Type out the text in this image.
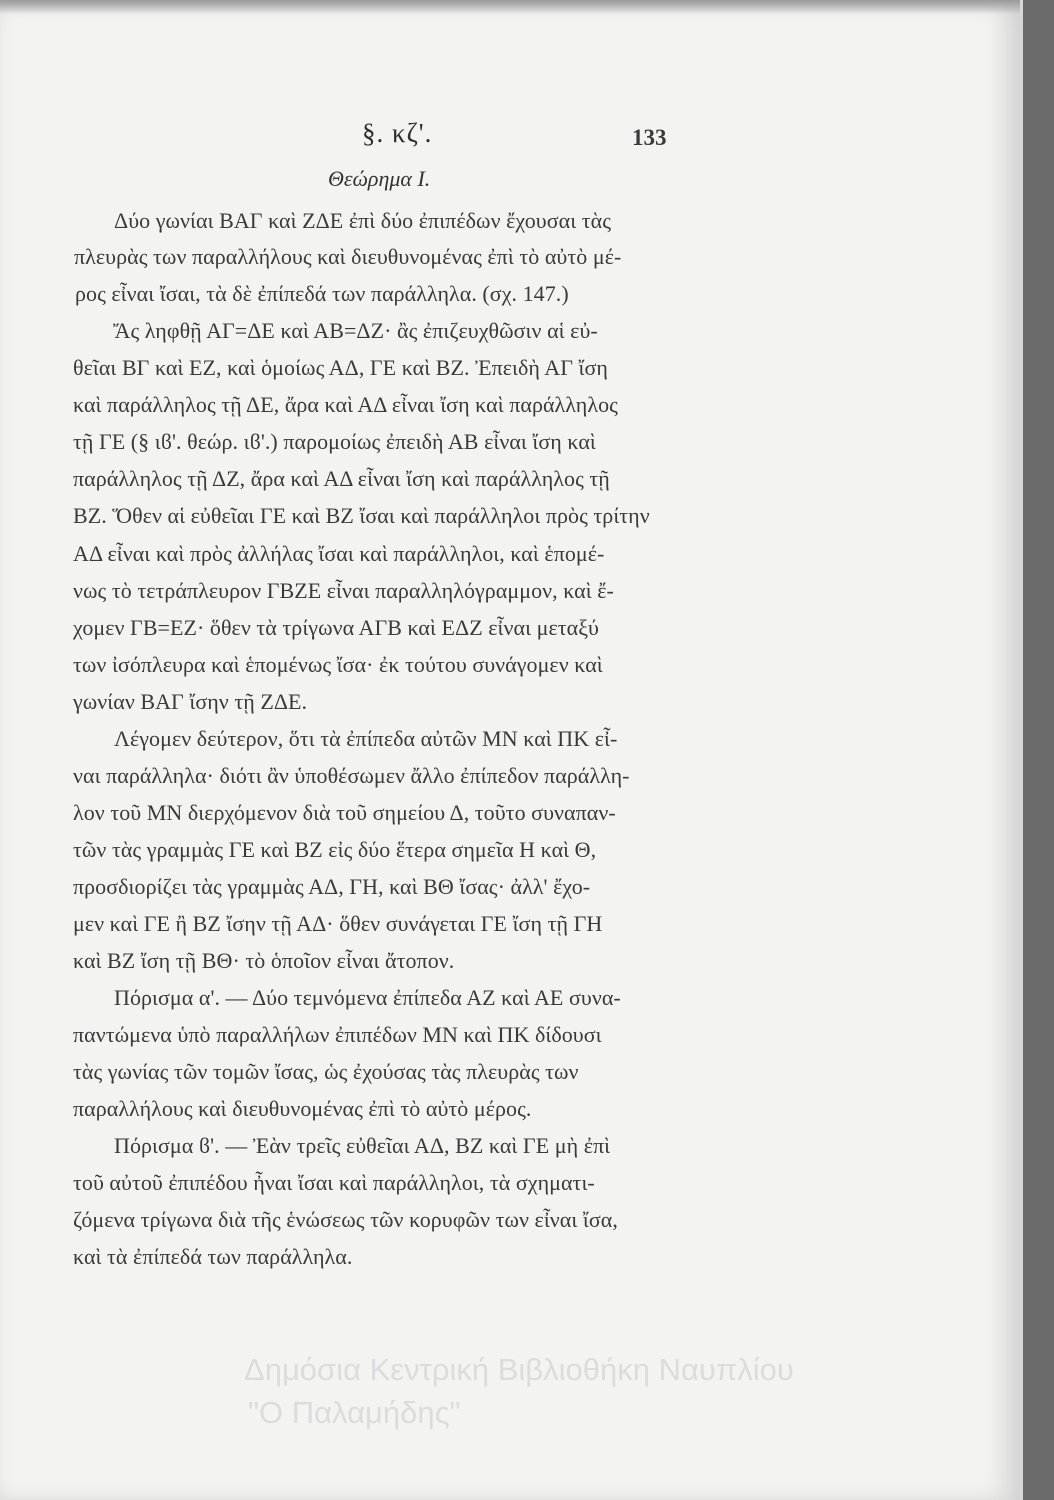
§. κζ'.	133
Θεώρημα Ι.
Δύο γωνίαι ΒΑΓ καὶ ΖΔΕ ἐπὶ δύο ἐπιπέδων ἔχουσαι τὰς
πλευρὰς των παραλλήλους καὶ διευθυνομένας ἐπὶ τὸ αὐτὸ μέ-
ρος εἶναι ἴσαι, τὰ δὲ ἐπίπεδά των παράλληλα. (σχ. 147.)
Ἄς ληφθῇ ΑΓ=ΔΕ καὶ ΑΒ=ΔΖ· ἂς ἐπιζευχθῶσιν αἱ εὐ-
θεῖαι ΒΓ καὶ ΕΖ, καὶ ὁμοίως ΑΔ, ΓΕ καὶ ΒΖ. Ἐπειδὴ ΑΓ ἴση
καὶ παράλληλος τῇ ΔΕ, ἄρα καὶ ΑΔ εἶναι ἴση καὶ παράλληλος
τῇ ΓΕ (§ ιϐ'. θεώρ. ιϐ'.) παρομοίως ἐπειδὴ ΑΒ εἶναι ἴση καὶ
παράλληλος τῇ ΔΖ, ἄρα καὶ ΑΔ εἶναι ἴση καὶ παράλληλος τῇ
ΒΖ. Ὅθεν αἱ εὐθεῖαι ΓΕ καὶ ΒΖ ἴσαι καὶ παράλληλοι πρὸς τρίτην
ΑΔ εἶναι καὶ πρὸς ἀλλήλας ἴσαι καὶ παράλληλοι, καὶ ἑπομέ-
νως τὸ τετράπλευρον ΓΒΖΕ εἶναι παραλληλόγραμμον, καὶ ἔ-
χομεν ΓΒ=ΕΖ· ὅθεν τὰ τρίγωνα ΑΓΒ καὶ ΕΔΖ εἶναι μεταξύ
των ἰσόπλευρα καὶ ἑπομένως ἴσα· ἐκ τούτου συνάγομεν καὶ
γωνίαν ΒΑΓ ἴσην τῇ ΖΔΕ.
Λέγομεν δεύτερον, ὅτι τὰ ἐπίπεδα αὐτῶν ΜΝ καὶ ΠΚ εἶ-
ναι παράλληλα· διότι ἂν ὑποθέσωμεν ἄλλο ἐπίπεδον παράλλη-
λον τοῦ ΜΝ διερχόμενον διὰ τοῦ σημείου Δ, τοῦτο συναπαν-
τῶν τὰς γραμμὰς ΓΕ καὶ ΒΖ εἰς δύο ἕτερα σημεῖα Η καὶ Θ,
προσδιορίζει τὰς γραμμὰς ΑΔ, ΓΗ, καὶ ΒΘ ἴσας· ἀλλ' ἔχο-
μεν καὶ ΓΕ ἢ ΒΖ ἴσην τῇ ΑΔ· ὅθεν συνάγεται ΓΕ ἴση τῇ ΓΗ
καὶ ΒΖ ἴση τῇ ΒΘ· τὸ ὁποῖον εἶναι ἄτοπον.
Πόρισμα α'. — Δύο τεμνόμενα ἐπίπεδα ΑΖ καὶ ΑΕ συνα-
παντώμενα ὑπὸ παραλλήλων ἐπιπέδων ΜΝ καὶ ΠΚ δίδουσι
τὰς γωνίας τῶν τομῶν ἴσας, ὡς ἐχούσας τὰς πλευρὰς των
παραλλήλους καὶ διευθυνομένας ἐπὶ τὸ αὐτὸ μέρος.
Πόρισμα ϐ'. — Ἐὰν τρεῖς εὐθεῖαι ΑΔ, ΒΖ καὶ ΓΕ μὴ ἐπὶ
τοῦ αὐτοῦ ἐπιπέδου ἦναι ἴσαι καὶ παράλληλοι, τὰ σχηματι-
ζόμενα τρίγωνα διὰ τῆς ἑνώσεως τῶν κορυφῶν των εἶναι ἴσα,
καὶ τὰ ἐπίπεδά των παράλληλα.
Δημόσια Κεντρική Βιβλιοθήκη Ναυπλίου
"Ο Παλαμήδης"
